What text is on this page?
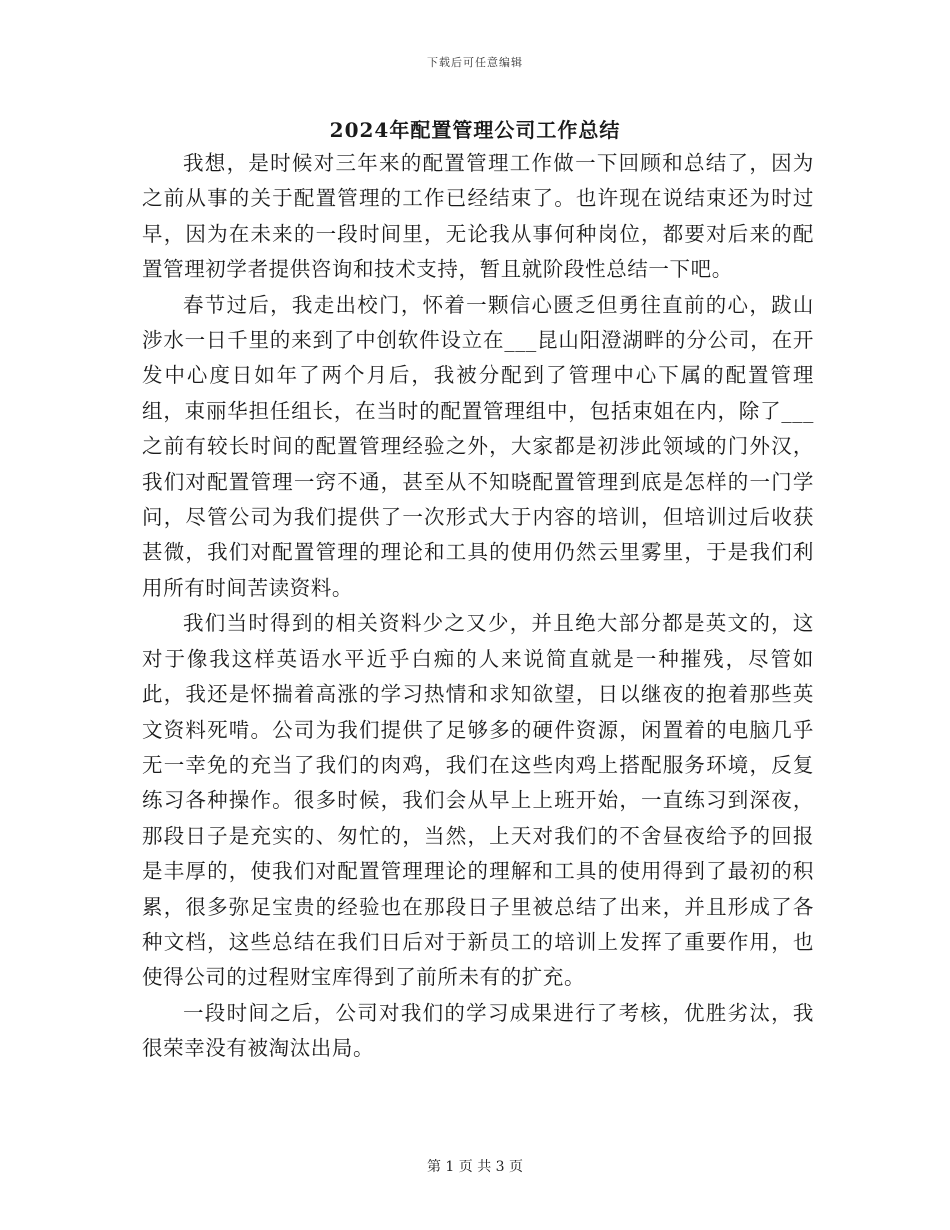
下载后可任意编辑
2024年配置管理公司工作总结

我想，是时候对三年来的配置管理工作做一下回顾和总结了，因为之前从事的关于配置管理的工作已经结束了。也许现在说结束还为时过早，因为在未来的一段时间里，无论我从事何种岗位，都要对后来的配置管理初学者提供咨询和技术支持，暂且就阶段性总结一下吧。

春节过后，我走出校门，怀着一颗信心匮乏但勇往直前的心，跋山涉水一日千里的来到了中创软件设立在___昆山阳澄湖畔的分公司，在开发中心度日如年了两个月后，我被分配到了管理中心下属的配置管理组，束丽华担任组长，在当时的配置管理组中，包括束姐在内，除了___之前有较长时间的配置管理经验之外，大家都是初涉此领域的门外汉，我们对配置管理一窍不通，甚至从不知晓配置管理到底是怎样的一门学问，尽管公司为我们提供了一次形式大于内容的培训，但培训过后收获甚微，我们对配置管理的理论和工具的使用仍然云里雾里，于是我们利用所有时间苦读资料。

我们当时得到的相关资料少之又少，并且绝大部分都是英文的，这对于像我这样英语水平近乎白痴的人来说简直就是一种摧残，尽管如此，我还是怀揣着高涨的学习热情和求知欲望，日以继夜的抱着那些英文资料死啃。公司为我们提供了足够多的硬件资源，闲置着的电脑几乎无一幸免的充当了我们的肉鸡，我们在这些肉鸡上搭配服务环境，反复练习各种操作。很多时候，我们会从早上上班开始，一直练习到深夜，那段日子是充实的、匆忙的，当然，上天对我们的不舍昼夜给予的回报是丰厚的，使我们对配置管理理论的理解和工具的使用得到了最初的积累，很多弥足宝贵的经验也在那段日子里被总结了出来，并且形成了各种文档，这些总结在我们日后对于新员工的培训上发挥了重要作用，也使得公司的过程财宝库得到了前所未有的扩充。

一段时间之后，公司对我们的学习成果进行了考核，优胜劣汰，我很荣幸没有被淘汰出局。

第 1 页 共 3 页
